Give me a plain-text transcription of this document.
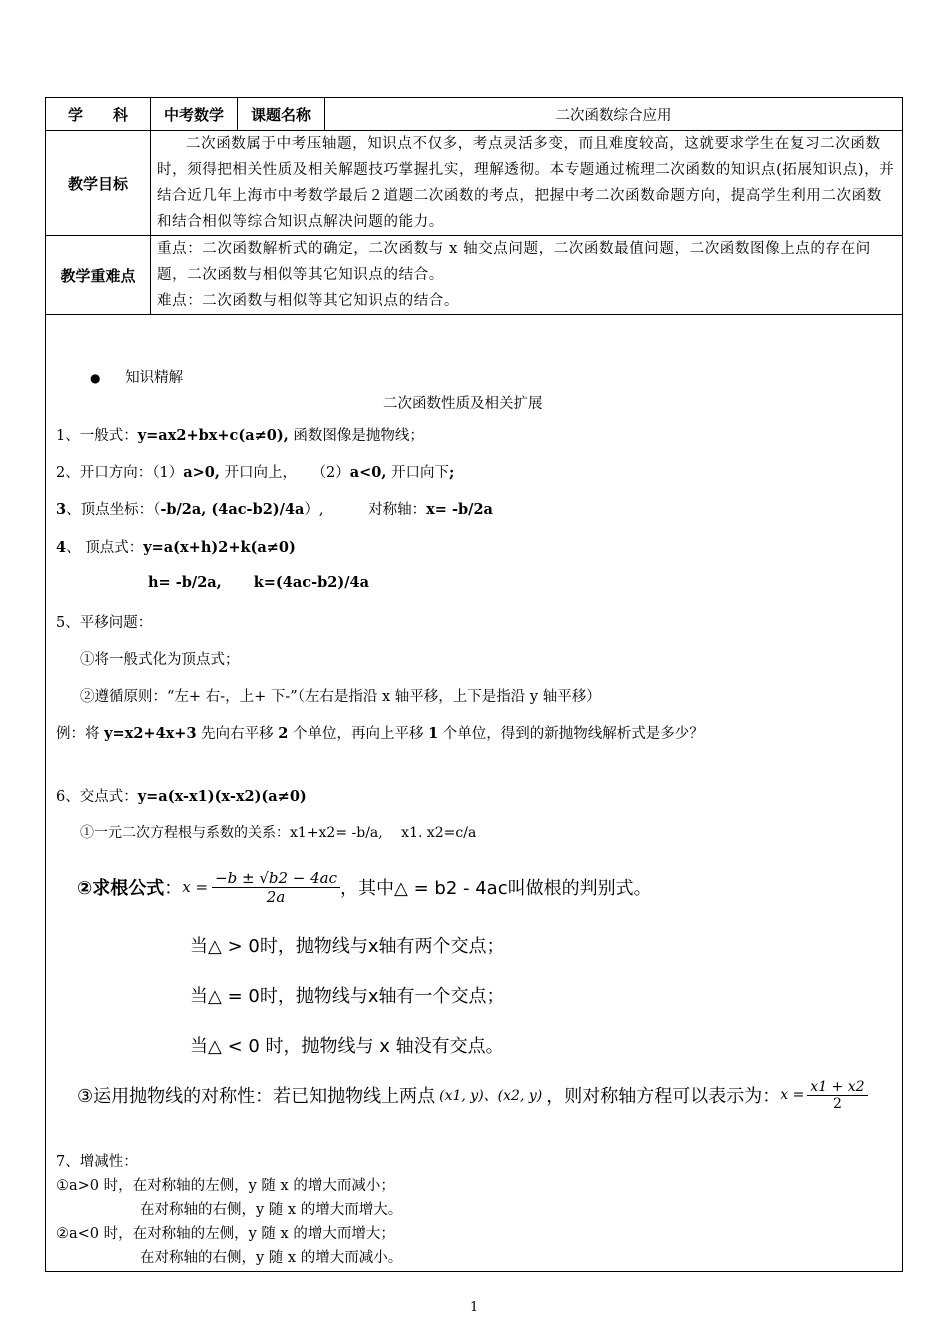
学　　科	中考数学	课题名称	二次函数综合应用
教学目标	二次函数属于中考压轴题，知识点不仅多，考点灵活多变，而且难度较高，这就要求学生在复习二次函数时，须得把相关性质及相关解题技巧掌握扎实，理解透彻。本专题通过梳理二次函数的知识点(拓展知识点)，并结合近几年上海市中考数学最后２道题二次函数的考点，把握中考二次函数命题方向，提高学生利用二次函数和结合相似等综合知识点解决问题的能力。		
教学重难点	重点：二次函数解析式的确定，二次函数与 x 轴交点问题，二次函数最值问题，二次函数图像上点的存在问题，二次函数与相似等其它知识点的结合。
难点：二次函数与相似等其它知识点的结合。		
● 知识精解
二次函数性质及相关扩展
1、一般式：y=ax2+bx+c(a≠0), 函数图像是抛物线；
2、开口方向：（1）a>0, 开口向上，　　（2）a<0, 开口向下;
3、顶点坐标：（-b/2a, (4ac-b2)/4a）,	对称轴：x= -b/2a
4、 顶点式：y=a(x+h)2+k(a≠0)
h= -b/2a, k=(4ac-b2)/4a
5、平移问题：
①将一般式化为顶点式；
②遵循原则：“左+ 右-，上+ 下-”（左右是指沿 x 轴平移，上下是指沿 y 轴平移）
例：将 y=x2+4x+3 先向右平移 2 个单位，再向上平移 1 个单位，得到的新抛物线解析式是多少？
6、交点式：y=a(x-x1)(x-x2)(a≠0)
①一元二次方程根与系数的关系：x1+x2= -b/a,　 x1. x2=c/a
②求根公式 ： $x = \frac{-b \pm √b2 - 4ac}{2a}$ ，其中△ = b2 - 4ac叫做根的判别式。
当△ > 0时，抛物线与x轴有两个交点；
当△ = 0时，抛物线与x轴有一个交点；
当△ < 0 时，抛物线与 x 轴没有交点。
③运用抛物线的对称性：若已知抛物线上两点 (x1, y)、(x2, y) ，则对称轴方程可以表示为： $x = \frac{x1 + x2}{2}$
7、增减性：
①a>0 时，在对称轴的左侧，y 随 x 的增大而减小；
在对称轴的右侧，y 随 x 的增大而增大。
②a<0 时，在对称轴的左侧，y 随 x 的增大而增大；
在对称轴的右侧，y 随 x 的增大而减小。
1
